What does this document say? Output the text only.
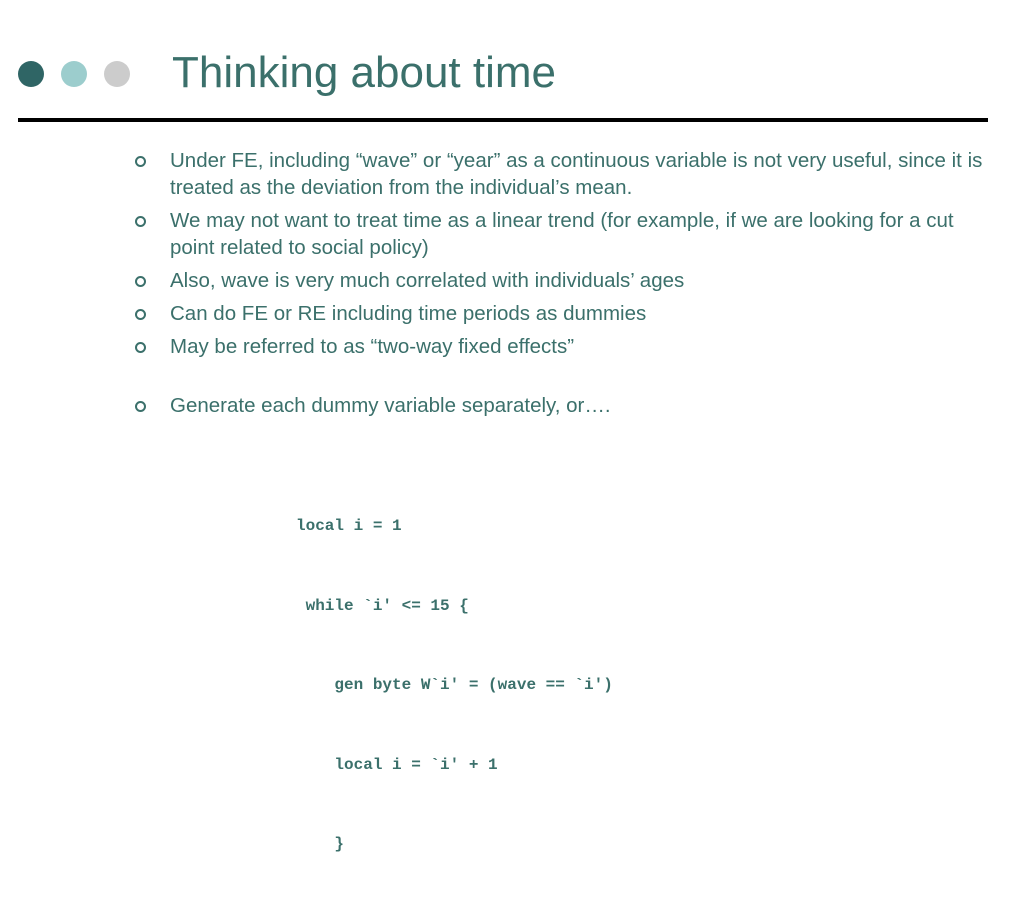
Thinking about time
Under FE, including “wave” or “year” as a continuous variable is not very useful, since it is treated as the deviation from the individual’s mean.
We may not want to treat time as a linear trend (for example, if we are looking for a cut point related to social policy)
Also, wave is very much correlated with individuals’ ages
Can do FE or RE including time periods as dummies
May be referred to as “two-way fixed effects”
Generate each dummy variable separately, or….

local i = 1

while `i' <= 15 {

gen byte W`i' = (wave == `i')

local i = `i' + 1

}
